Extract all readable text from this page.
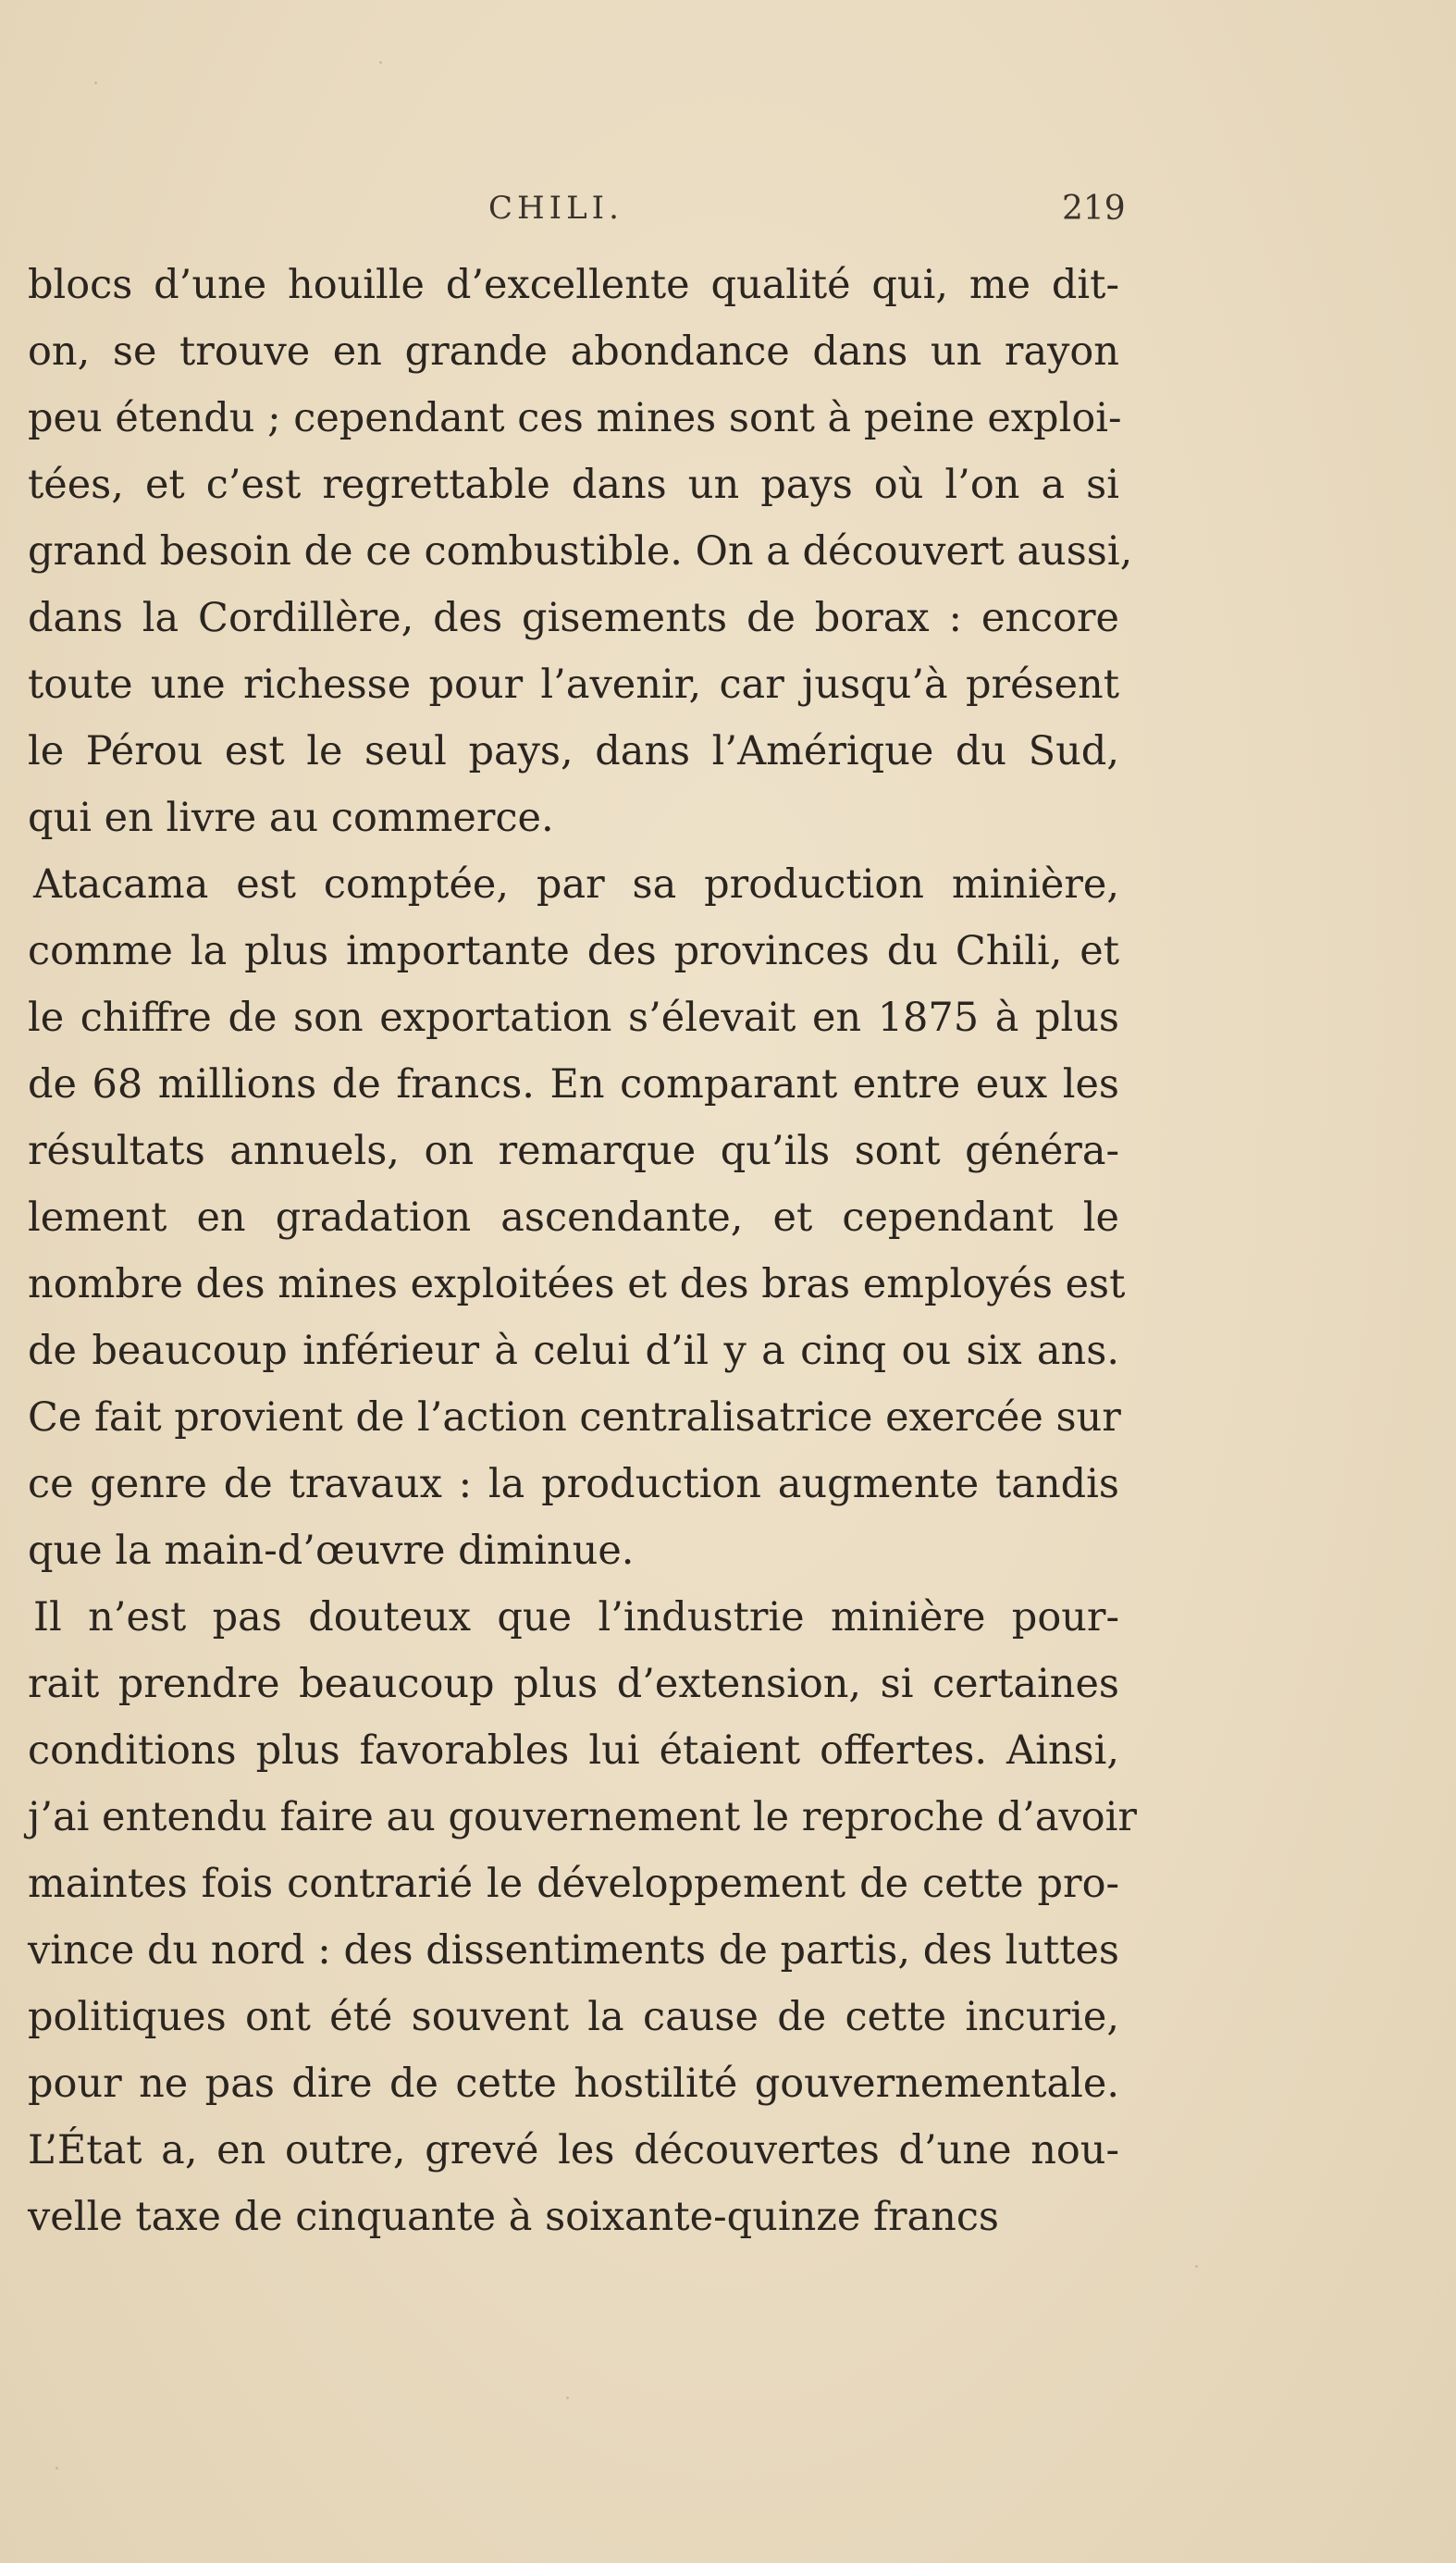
CHILI.	219
blocs d’une houille d’excellente qualité qui, me dit-
on, se trouve en grande abondance dans un rayon
peu étendu ; cependant ces mines sont à peine exploi-
tées, et c’est regrettable dans un pays où l’on a si
grand besoin de ce combustible. On a découvert aussi,
dans la Cordillère, des gisements de borax : encore
toute une richesse pour l’avenir, car jusqu’à présent
le Pérou est le seul pays, dans l’Amérique du Sud,
qui en livre au commerce.
Atacama est comptée, par sa production minière,
comme la plus importante des provinces du Chili, et
le chiffre de son exportation s’élevait en 1875 à plus
de 68 millions de francs. En comparant entre eux les
résultats annuels, on remarque qu’ils sont généra-
lement en gradation ascendante, et cependant le
nombre des mines exploitées et des bras employés est
de beaucoup inférieur à celui d’il y a cinq ou six ans.
Ce fait provient de l’action centralisatrice exercée sur
ce genre de travaux : la production augmente tandis
que la main-d’œuvre diminue.
Il n’est pas douteux que l’industrie minière pour-
rait prendre beaucoup plus d’extension, si certaines
conditions plus favorables lui étaient offertes. Ainsi,
j’ai entendu faire au gouvernement le reproche d’avoir
maintes fois contrarié le développement de cette pro-
vince du nord : des dissentiments de partis, des luttes
politiques ont été souvent la cause de cette incurie,
pour ne pas dire de cette hostilité gouvernementale.
L’État a, en outre, grevé les découvertes d’une nou-
velle taxe de cinquante à soixante-quinze francs
